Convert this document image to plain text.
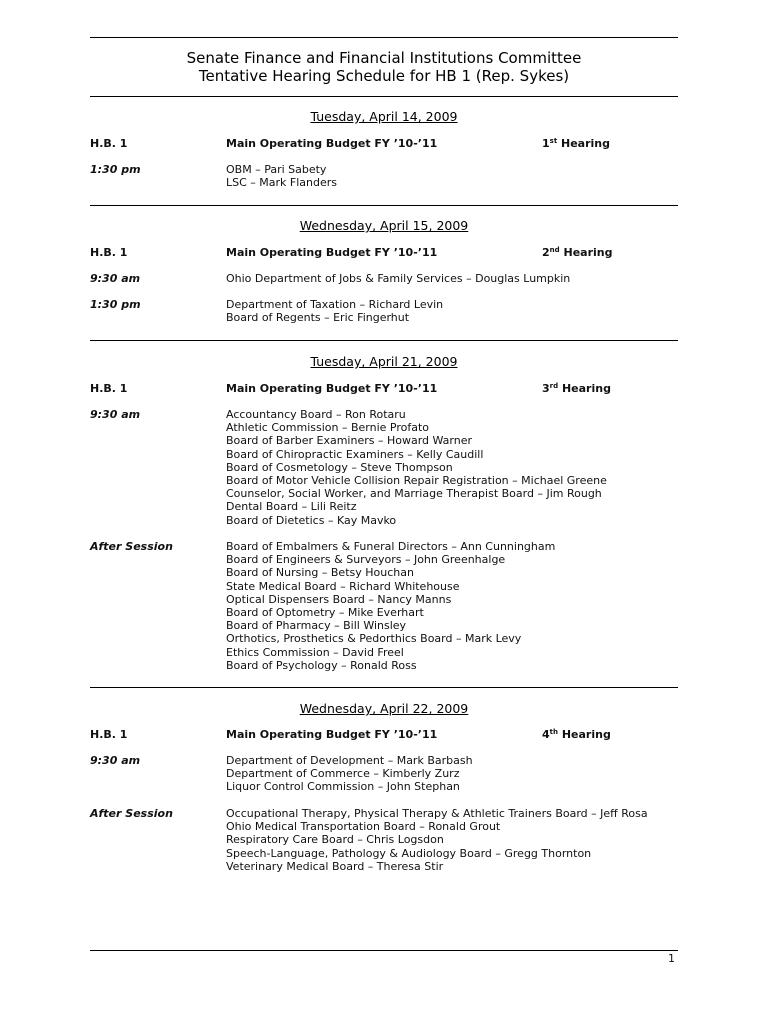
Senate Finance and Financial Institutions Committee
Tentative Hearing Schedule for HB 1 (Rep. Sykes)
Tuesday, April 14, 2009
H.B. 1	Main Operating Budget FY ’10-’11	1st Hearing
1:30 pm	OBM – Pari Sabety
LSC – Mark Flanders
Wednesday, April 15, 2009
H.B. 1	Main Operating Budget FY ’10-’11	2nd Hearing
9:30 am	Ohio Department of Jobs & Family Services – Douglas Lumpkin
1:30 pm	Department of Taxation – Richard Levin
Board of Regents – Eric Fingerhut
Tuesday, April 21, 2009
H.B. 1	Main Operating Budget FY ’10-’11	3rd Hearing
9:30 am	Accountancy Board – Ron Rotaru
Athletic Commission – Bernie Profato
Board of Barber Examiners – Howard Warner
Board of Chiropractic Examiners – Kelly Caudill
Board of Cosmetology – Steve Thompson
Board of Motor Vehicle Collision Repair Registration – Michael Greene
Counselor, Social Worker, and Marriage Therapist Board – Jim Rough
Dental Board – Lili Reitz
Board of Dietetics – Kay Mavko
After Session	Board of Embalmers & Funeral Directors – Ann Cunningham
Board of Engineers & Surveyors – John Greenhalge
Board of Nursing – Betsy Houchan
State Medical Board – Richard Whitehouse
Optical Dispensers Board – Nancy Manns
Board of Optometry – Mike Everhart
Board of Pharmacy – Bill Winsley
Orthotics, Prosthetics & Pedorthics Board – Mark Levy
Ethics Commission – David Freel
Board of Psychology – Ronald Ross
Wednesday, April 22, 2009
H.B. 1	Main Operating Budget FY ’10-’11	4th Hearing
9:30 am	Department of Development – Mark Barbash
Department of Commerce – Kimberly Zurz
Liquor Control Commission – John Stephan
After Session	Occupational Therapy, Physical Therapy & Athletic Trainers Board – Jeff Rosa
Ohio Medical Transportation Board – Ronald Grout
Respiratory Care Board – Chris Logsdon
Speech-Language, Pathology & Audiology Board – Gregg Thornton
Veterinary Medical Board – Theresa Stir
1
